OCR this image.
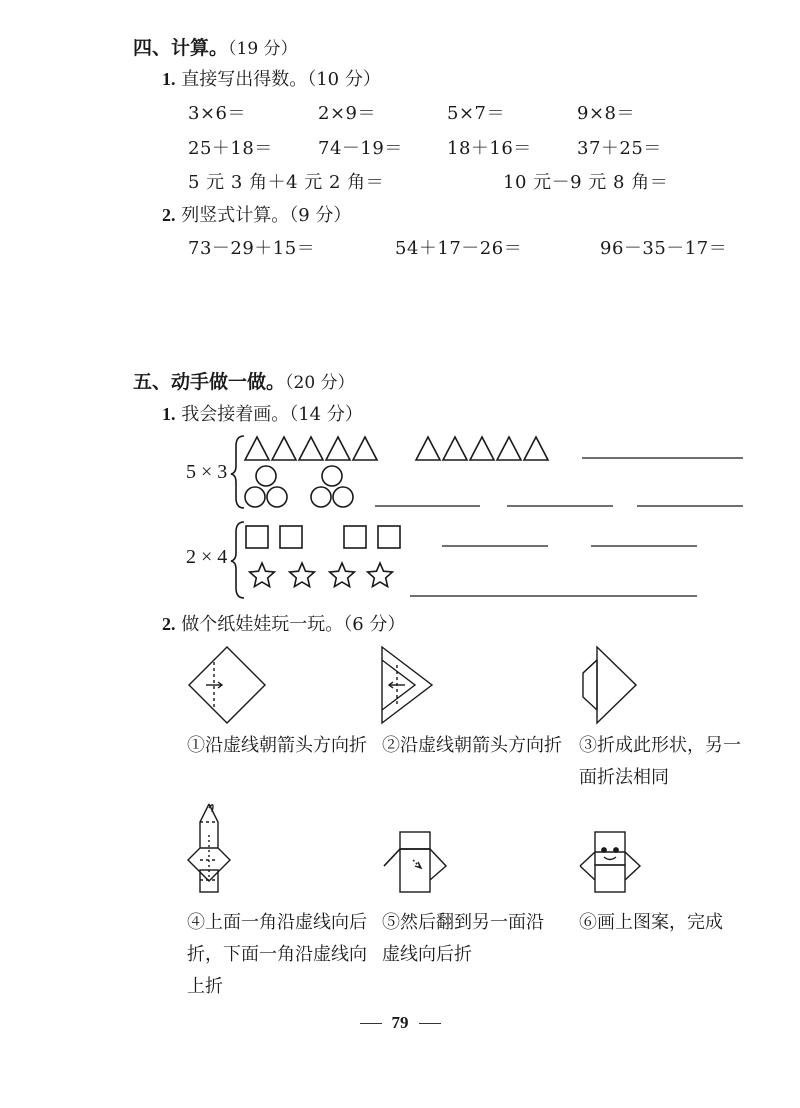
四、计算。（19 分）
1. 直接写出得数。（10 分）
3×6＝	2×9＝	5×7＝	9×8＝
25＋18＝	74－19＝ 18＋16＝	37＋25＝
5 元 3 角＋4 元 2 角＝	10 元－9 元 8 角＝
2. 列竖式计算。（9 分）
73－29＋15＝	54＋17－26＝	96－35－17＝
五、动手做一做。（20 分）
1. 我会接着画。（14 分）
5 × 3
2 × 4
2. 做个纸娃娃玩一玩。（6 分）
①沿虚线朝箭头方向折 ②沿虚线朝箭头方向折 ③折成此形状，另一面折法相同
④上面一角沿虚线向后折，下面一角沿虚线向上折
⑤然后翻到另一面沿虚线向后折
⑥画上图案，完成
79
